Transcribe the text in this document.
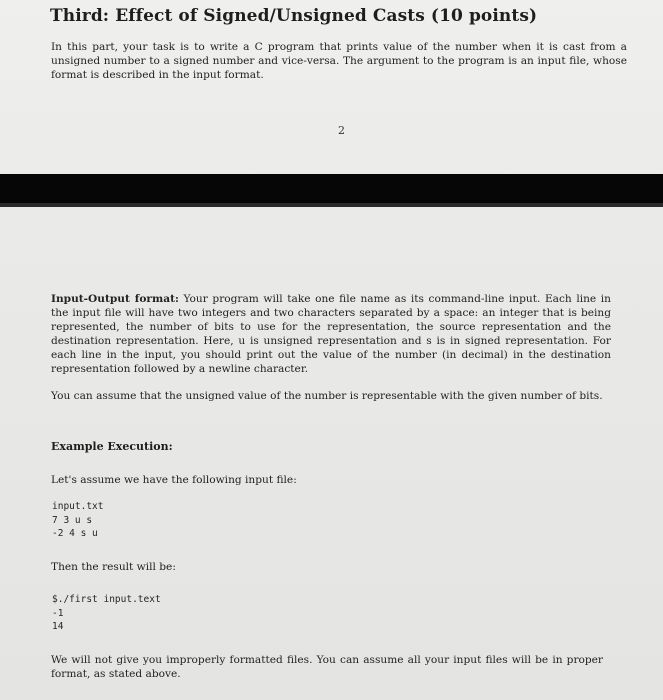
Third: Effect of Signed/Unsigned Casts (10 points)

In this part, your task is to write a C program that prints value of the number when it is cast from a unsigned number to a signed number and vice-versa. The argument to the program is an input file, whose format is described in the input format.

2

Input-Output format: Your program will take one file name as its command-line input. Each line in the input file will have two integers and two characters separated by a space: an integer that is being represented, the number of bits to use for the representation, the source representation and the destination representation. Here, u is unsigned representation and s is in signed representation. For each line in the input, you should print out the value of the number (in decimal) in the destination representation followed by a newline character.

You can assume that the unsigned value of the number is representable with the given number of bits.

Example Execution:

Let's assume we have the following input file:

input.txt
7 3 u s
-2 4 s u

Then the result will be:

$./first input.text
-1
14

We will not give you improperly formatted files. You can assume all your input files will be in proper format, as stated above.
